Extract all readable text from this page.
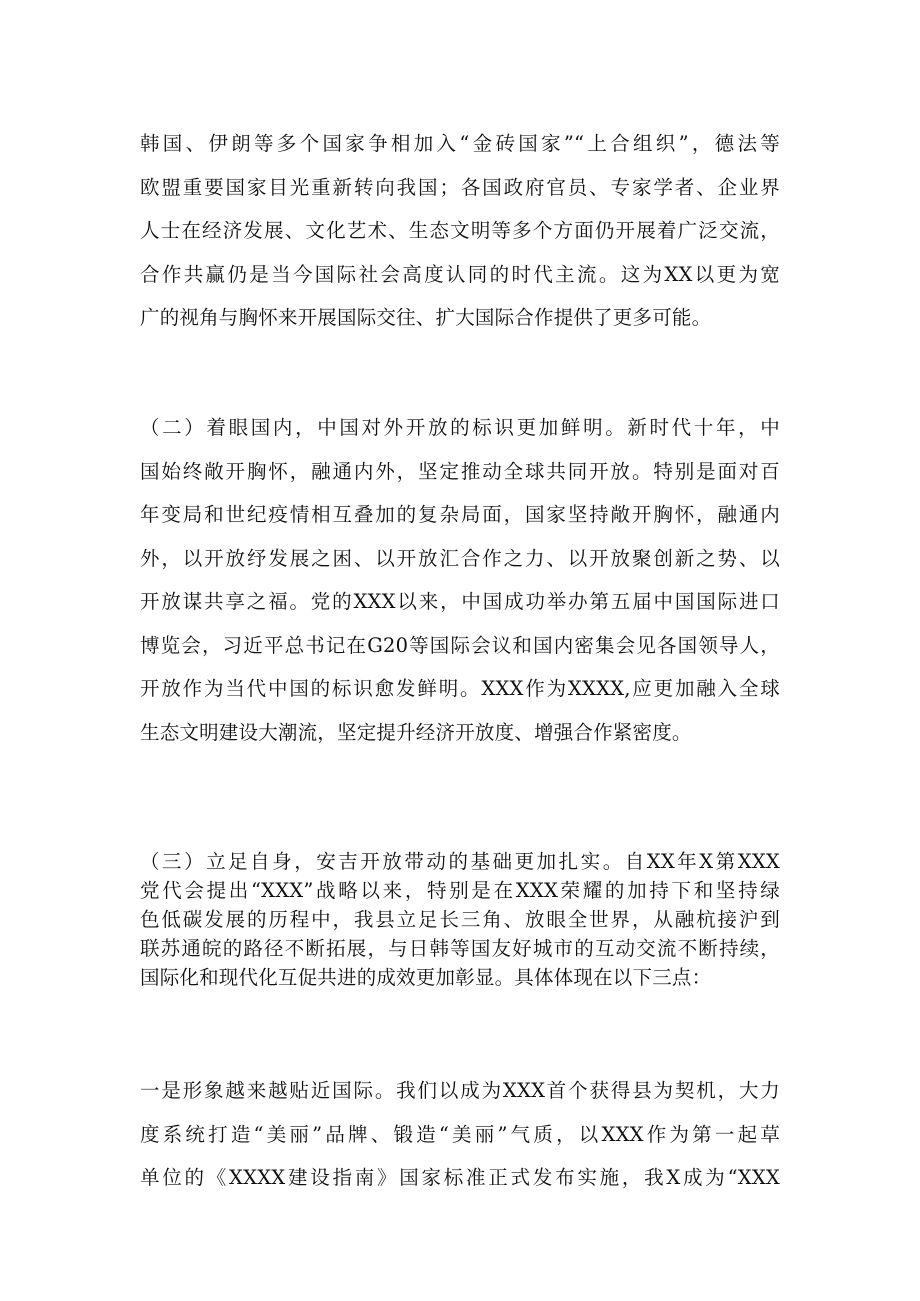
韩国、伊朗等多个国家争相加入“金砖国家”“上合组织”，德法等
欧盟重要国家目光重新转向我国；各国政府官员、专家学者、企业界
人士在经济发展、文化艺术、生态文明等多个方面仍开展着广泛交流，
合作共赢仍是当今国际社会高度认同的时代主流。这为XX以更为宽
广的视角与胸怀来开展国际交往、扩大国际合作提供了更多可能。
（二）着眼国内，中国对外开放的标识更加鲜明。新时代十年，中
国始终敞开胸怀，融通内外，坚定推动全球共同开放。特别是面对百
年变局和世纪疫情相互叠加的复杂局面，国家坚持敞开胸怀，融通内
外，以开放纾发展之困、以开放汇合作之力、以开放聚创新之势、以
开放谋共享之福。党的XXX以来，中国成功举办第五届中国国际进口
博览会，习近平总书记在G20等国际会议和国内密集会见各国领导人，
开放作为当代中国的标识愈发鲜明。XXX作为XXXX,应更加融入全球
生态文明建设大潮流，坚定提升经济开放度、增强合作紧密度。
（三）立足自身，安吉开放带动的基础更加扎实。自XX年X第XXX
党代会提出“XXX”战略以来，特别是在XXX荣耀的加持下和坚持绿
色低碳发展的历程中，我县立足长三角、放眼全世界，从融杭接沪到
联苏通皖的路径不断拓展，与日韩等国友好城市的互动交流不断持续，
国际化和现代化互促共进的成效更加彰显。具体体现在以下三点：
一是形象越来越贴近国际。我们以成为XXX首个获得县为契机，大力
度系统打造“美丽”品牌、锻造“美丽”气质，以XXX作为第一起草
单位的《XXXX建设指南》国家标准正式发布实施，我X成为“XXX
